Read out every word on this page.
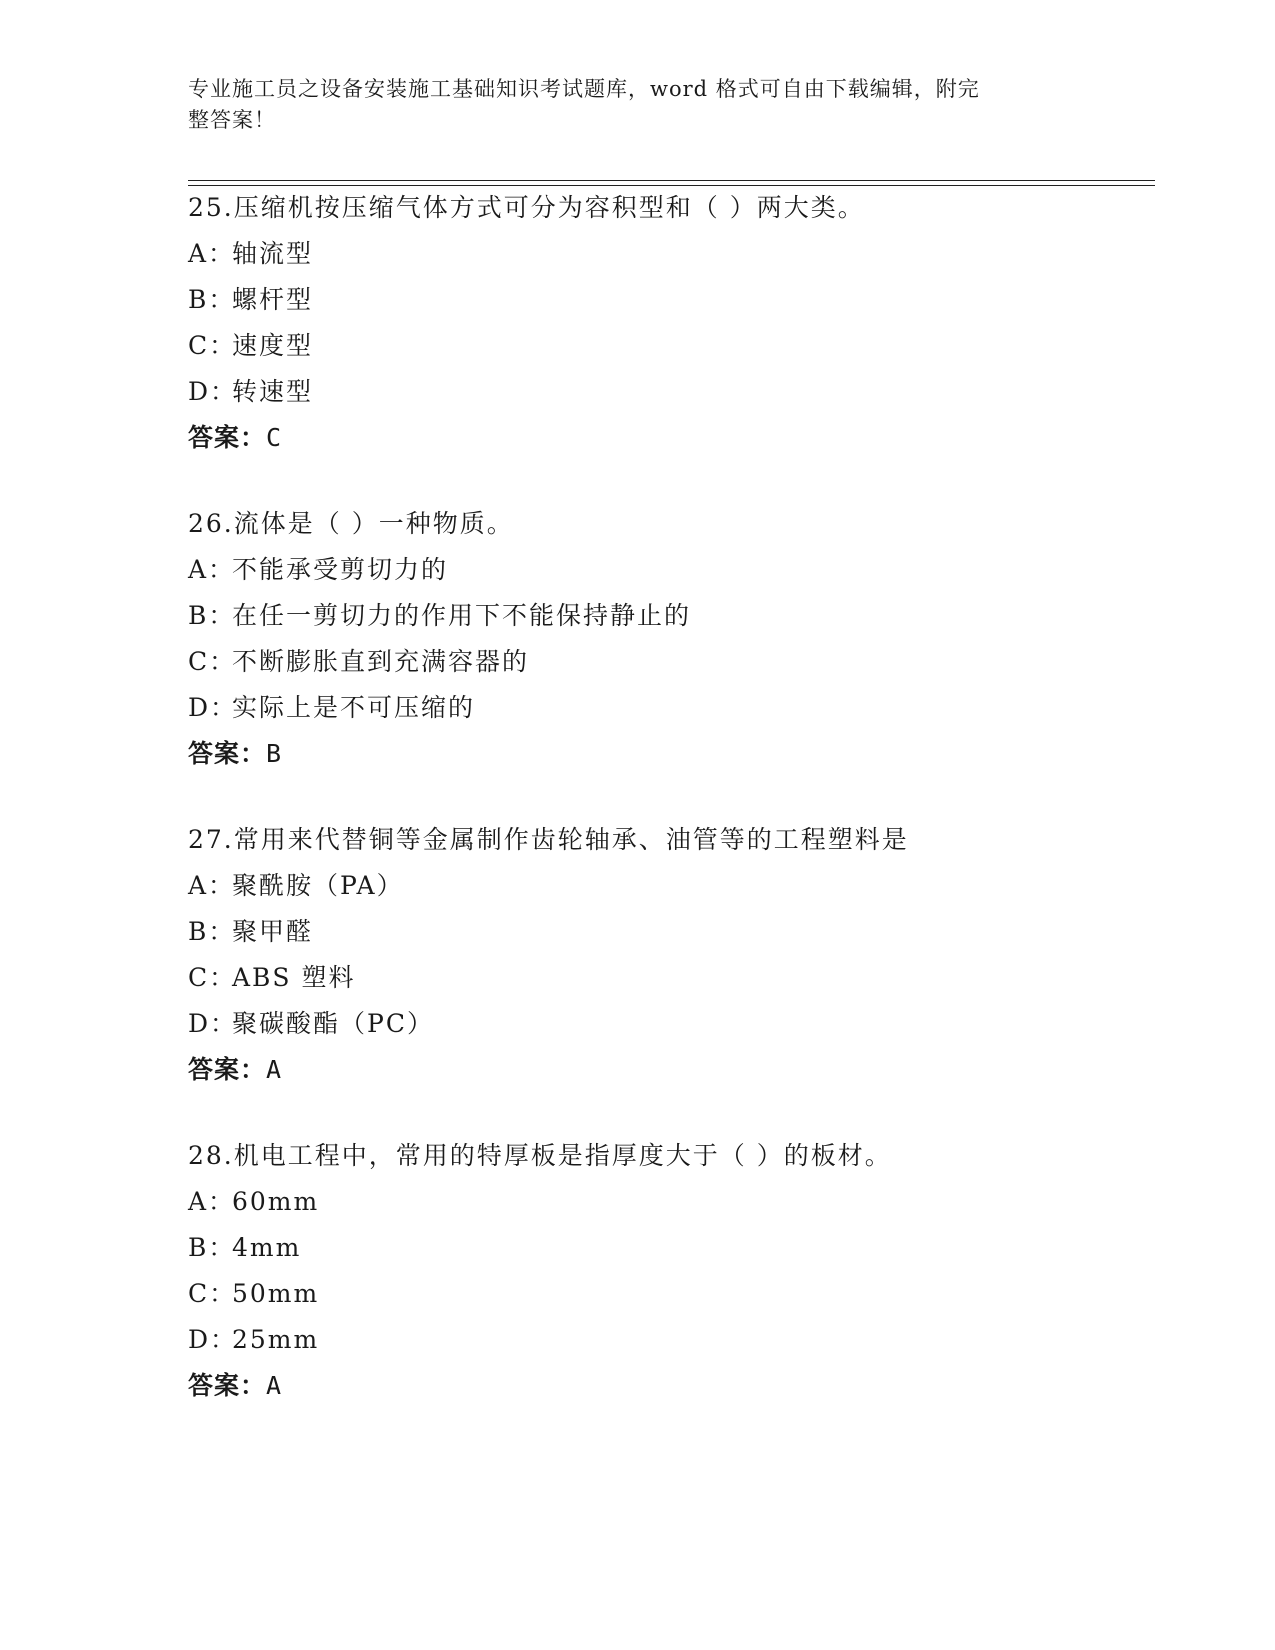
专业施工员之设备安装施工基础知识考试题库，word 格式可自由下载编辑，附完
整答案！
25.压缩机按压缩气体方式可分为容积型和（ ）两大类。
A：轴流型
B：螺杆型
C：速度型
D：转速型
答案：C
26.流体是（ ）一种物质。
A：不能承受剪切力的
B：在任一剪切力的作用下不能保持静止的
C：不断膨胀直到充满容器的
D：实际上是不可压缩的
答案：B
27.常用来代替铜等金属制作齿轮轴承、油管等的工程塑料是
A：聚酰胺（PA）
B：聚甲醛
C：ABS 塑料
D：聚碳酸酯（PC）
答案：A
28.机电工程中，常用的特厚板是指厚度大于（ ）的板材。
A：60mm
B：4mm
C：50mm
D：25mm
答案：A
